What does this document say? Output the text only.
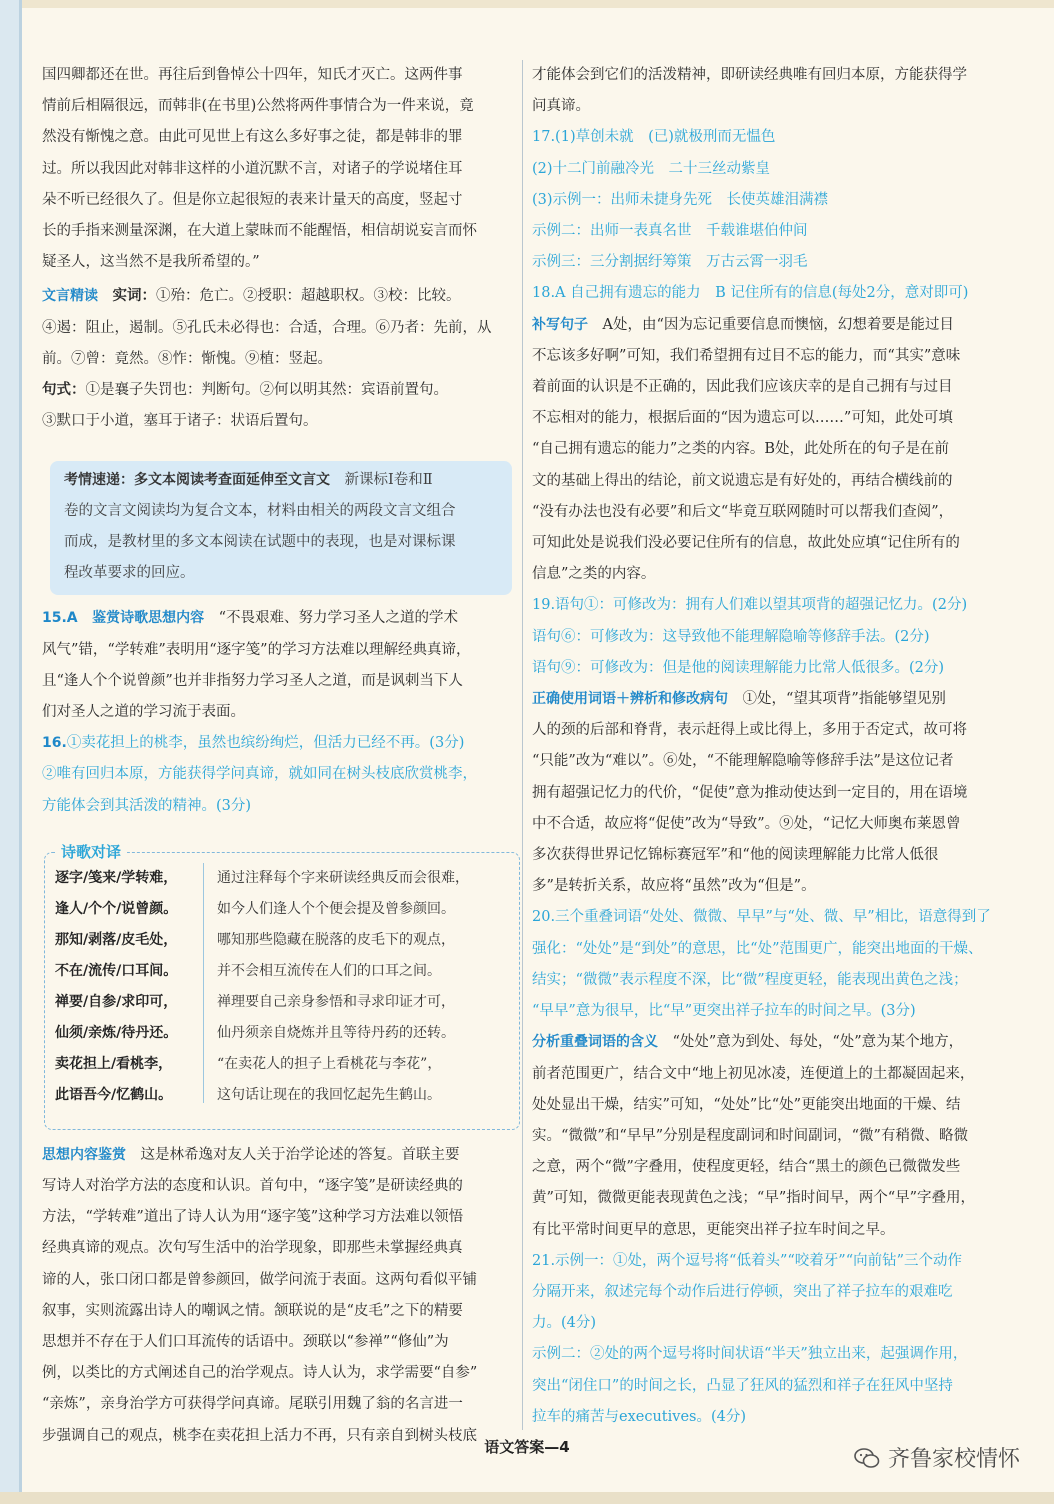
国四卿都还在世。再往后到鲁悼公十四年，知氏才灭亡。这两件事

情前后相隔很远，而韩非(在书里)公然将两件事情合为一件来说，竟

然没有惭愧之意。由此可见世上有这么多好事之徒，都是韩非的罪

过。所以我因此对韩非这样的小道沉默不言，对诸子的学说堵住耳

朵不听已经很久了。但是你立起很短的表来计量天的高度，竖起寸

长的手指来测量深渊，在大道上蒙昧而不能醒悟，相信胡说妄言而怀

疑圣人，这当然不是我所希望的。”

文言精读　 实词：①殆：危亡。②授职：超越职权。③校：比较。

④遏：阻止，遏制。⑤孔氏未必得也：合适，合理。⑥乃者：先前，从

前。⑦曾：竟然。⑧怍：惭愧。⑨植：竖起。

句式：①是襄子失罚也：判断句。②何以明其然：宾语前置句。

③默口于小道，塞耳于诸子：状语后置句。

考情速递：多文本阅读考查面延伸至文言文　 新课标Ⅰ卷和Ⅱ

卷的文言文阅读均为复合文本，材料由相关的两段文言文组合

而成，是教材里的多文本阅读在试题中的表现，也是对课标课

程改革要求的回应。

15.A　 鉴赏诗歌思想内容　 “不畏艰难、努力学习圣人之道的学术

风气”错，“学转难”表明用“逐字笺”的学习方法难以理解经典真谛，

且“逢人个个说曾颜”也并非指努力学习圣人之道，而是讽刺当下人

们对圣人之道的学习流于表面。

16.①卖花担上的桃李，虽然也缤纷绚烂，但活力已经不再。(3分)

②唯有回归本原，方能获得学问真谛，就如同在树头枝底欣赏桃李，

方能体会到其活泼的精神。(3分)

诗歌对译
逐字/笺来/学转难，	通过注释每个字来研读经典反而会很难，
逢人/个个/说曾颜。	如今人们逢人个个便会提及曾参颜回。
那知/剥落/皮毛处，	哪知那些隐藏在脱落的皮毛下的观点，
不在/流传/口耳间。	并不会相互流传在人们的口耳之间。
禅要/自参/求印可，	禅理要自己亲身参悟和寻求印证才可，
仙须/亲炼/待丹还。	仙丹须亲自烧炼并且等待丹药的还转。
卖花担上/看桃李，	“在卖花人的担子上看桃花与李花”，
此语吾今/忆鹤山。	这句话让现在的我回忆起先生鹤山。

思想内容鉴赏　 这是林希逸对友人关于治学论述的答复。首联主要

写诗人对治学方法的态度和认识。首句中，“逐字笺”是研读经典的

方法，“学转难”道出了诗人认为用“逐字笺”这种学习方法难以领悟

经典真谛的观点。次句写生活中的治学现象，即那些未掌握经典真

谛的人，张口闭口都是曾参颜回，做学问流于表面。这两句看似平铺

叙事，实则流露出诗人的嘲讽之情。颔联说的是“皮毛”之下的精要

思想并不存在于人们口耳流传的话语中。颈联以“参禅”“修仙”为

例，以类比的方式阐述自己的治学观点。诗人认为，求学需要“自参”

“亲炼”，亲身治学方可获得学问真谛。尾联引用魏了翁的名言进一

步强调自己的观点，桃李在卖花担上活力不再，只有亲自到树头枝底

才能体会到它们的活泼精神，即研读经典唯有回归本原，方能获得学

问真谛。

17.(1)草创未就　(已)就极刑而无愠色

(2)十二门前融冷光　二十三丝动紫皇

(3)示例一：出师未捷身先死　长使英雄泪满襟

示例二：出师一表真名世　千载谁堪伯仲间

示例三：三分割据纡筹策　万古云霄一羽毛

18.A 自己拥有遗忘的能力　B 记住所有的信息(每处2分，意对即可)

补写句子　 A处，由“因为忘记重要信息而懊恼，幻想着要是能过目

不忘该多好啊”可知，我们希望拥有过目不忘的能力，而“其实”意味

着前面的认识是不正确的，因此我们应该庆幸的是自己拥有与过目

不忘相对的能力，根据后面的“因为遗忘可以……”可知，此处可填

“自己拥有遗忘的能力”之类的内容。B处，此处所在的句子是在前

文的基础上得出的结论，前文说遗忘是有好处的，再结合横线前的

“没有办法也没有必要”和后文“毕竟互联网随时可以帮我们查阅”，

可知此处是说我们没必要记住所有的信息，故此处应填“记住所有的

信息”之类的内容。

19.语句①：可修改为：拥有人们难以望其项背的超强记忆力。(2分)

语句⑥：可修改为：这导致他不能理解隐喻等修辞手法。(2分)

语句⑨：可修改为：但是他的阅读理解能力比常人低很多。(2分)

正确使用词语＋辨析和修改病句　 ①处，“望其项背”指能够望见别

人的颈的后部和脊背，表示赶得上或比得上，多用于否定式，故可将

“只能”改为“难以”。⑥处，“不能理解隐喻等修辞手法”是这位记者

拥有超强记忆力的代价，“促使”意为推动使达到一定目的，用在语境

中不合适，故应将“促使”改为“导致”。⑨处，“记忆大师奥布莱恩曾

多次获得世界记忆锦标赛冠军”和“他的阅读理解能力比常人低很

多”是转折关系，故应将“虽然”改为“但是”。

20.三个重叠词语“处处、微微、早早”与“处、微、早”相比，语意得到了

强化：“处处”是“到处”的意思，比“处”范围更广，能突出地面的干燥、

结实；“微微”表示程度不深，比“微”程度更轻，能表现出黄色之浅；

“早早”意为很早，比“早”更突出祥子拉车的时间之早。(3分)

分析重叠词语的含义　 “处处”意为到处、每处，“处”意为某个地方，

前者范围更广，结合文中“地上初见冰凌，连便道上的土都凝固起来，

处处显出干燥，结实”可知，“处处”比“处”更能突出地面的干燥、结

实。“微微”和“早早”分别是程度副词和时间副词，“微”有稍微、略微

之意，两个“微”字叠用，使程度更轻，结合“黑土的颜色已微微发些

黄”可知，微微更能表现黄色之浅；“早”指时间早，两个“早”字叠用，

有比平常时间更早的意思，更能突出祥子拉车时间之早。

21.示例一：①处，两个逗号将“低着头”“咬着牙”“向前钻”三个动作

分隔开来，叙述完每个动作后进行停顿，突出了祥子拉车的艰难吃

力。(4分)

示例二：②处的两个逗号将时间状语“半天”独立出来，起强调作用，

突出“闭住口”的时间之长，凸显了狂风的猛烈和祥子在狂风中坚持

拉车的痛苦与executives。(4分)

语文答案—4	齐鲁家校情怀
